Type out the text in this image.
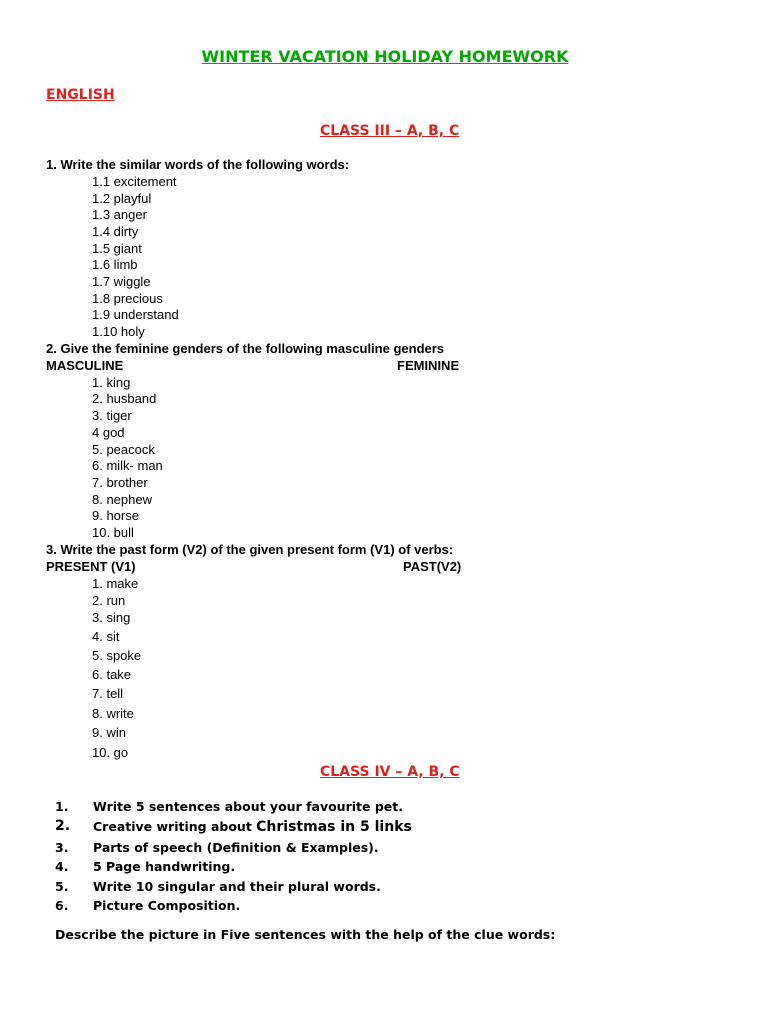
WINTER VACATION HOLIDAY HOMEWORK
ENGLISH
CLASS III – A, B, C
1. Write the similar words of the following words:
1.1 excitement
1.2 playful
1.3 anger
1.4 dirty
1.5 giant
1.6 limb
1.7 wiggle
1.8 precious
1.9 understand
1.10 holy
2. Give the feminine genders of the following masculine genders
MASCULINE	FEMININE
1. king
2. husband
3. tiger
4 god
5. peacock
6. milk- man
7. brother
8. nephew
9. horse
10. bull
3. Write the past form (V2) of the given present form (V1) of verbs:
PRESENT (V1)	PAST(V2)
1. make
2. run
3. sing
4. sit
5. spoke
6. take
7. tell
8. write
9. win
10. go
CLASS IV – A, B, C
1. Write 5 sentences about your favourite pet.
2. Creative writing about Christmas in 5 links
3. Parts of speech (Definition & Examples).
4. 5 Page handwriting.
5. Write 10 singular and their plural words.
6. Picture Composition.
Describe the picture in Five sentences with the help of the clue words:
